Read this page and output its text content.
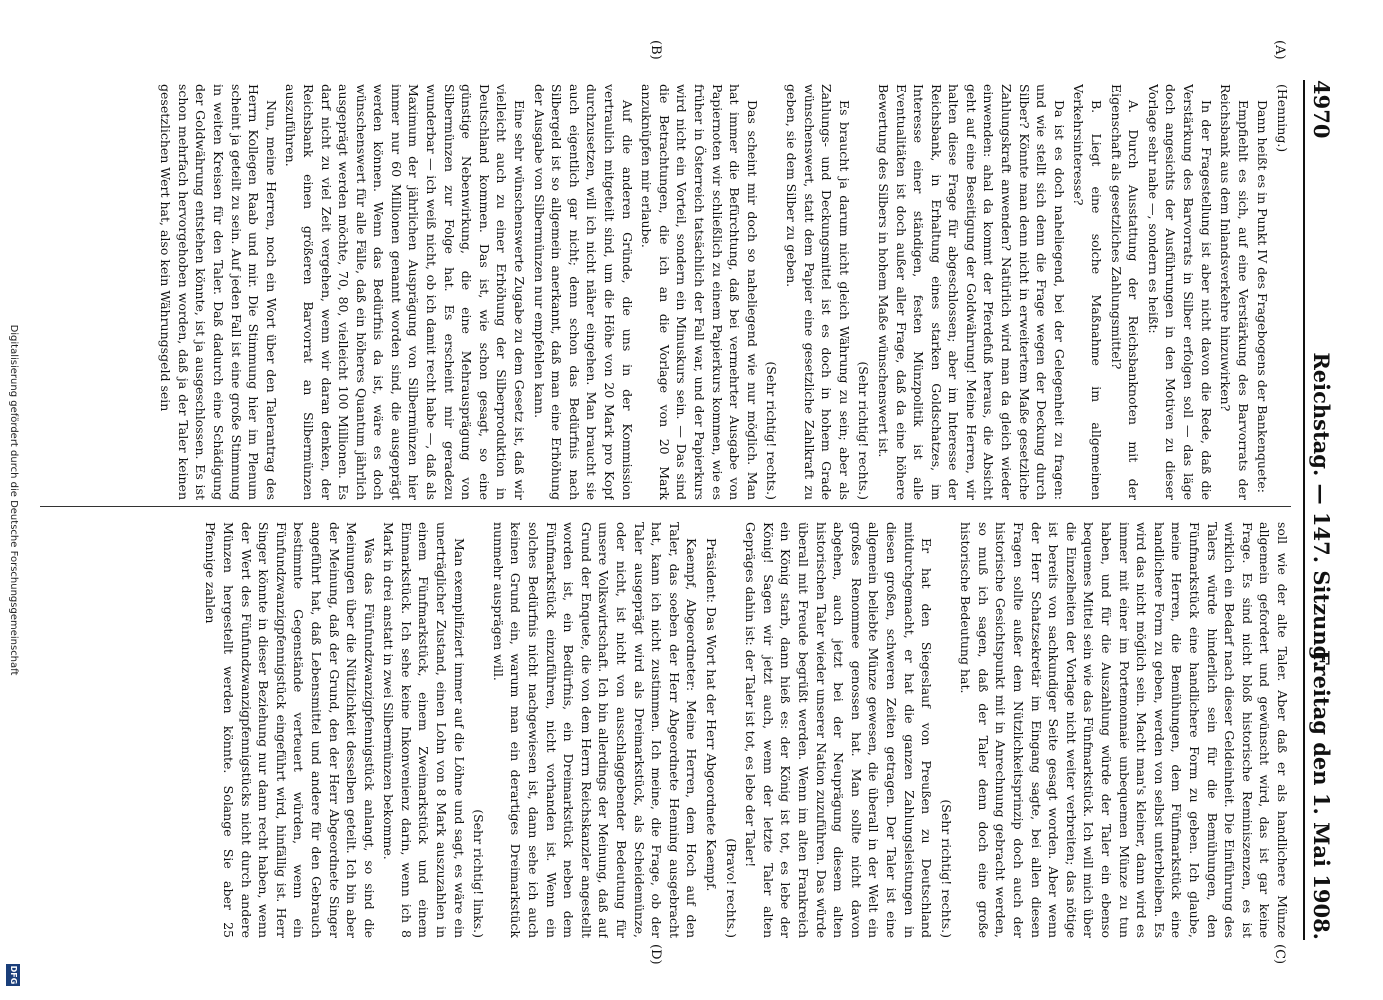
4970
Reichstag. — 147. Sitzung.
Freitag den 1. Mai 1908.
(A)
(B)
(C)
(D)

(Henning.)

Dann heißt es in Punkt IV des Fragebogens der Bankenquete:

Empfiehlt es sich, auf eine Verstärkung des Barvorrats der Reichsbank aus dem Inlandsverkehre hinzuwirken?

In der Fragestellung ist aber nicht davon die Rede, daß die Verstärkung des Barvorrats in Silber erfolgen soll — das läge doch angesichts der Ausführungen in den Motiven zu dieser Vorlage sehr nahe —, sondern es heißt:

A. Durch Ausstattung der Reichsbanknoten mit der Eigenschaft als gesetzliches Zahlungsmittel?

B. Liegt eine solche Maßnahme im allgemeinen Verkehrsinteresse?

Da ist es doch naheliegend, bei der Gelegenheit zu fragen: und wie stellt sich denn die Frage wegen der Deckung durch Silber? Könnte man denn nicht in erweitertem Maße gesetzliche Zahlungskraft anwenden? Natürlich wird man da gleich wieder einwenden: ahal da kommt der Pferdefuß heraus, die Absicht geht auf eine Beseitigung der Goldwährung! Meine Herren, wir halten diese Frage für abgeschlossen; aber im Interesse der Reichsbank, in Erhaltung eines starken Goldschatzes, im Interesse einer ständigen, festen Münzpolitik ist alle Eventualitäten ist doch außer aller Frage, daß da eine höhere Bewertung des Silbers in hohem Maße wünschenswert ist.

(Sehr richtig! rechts.)

Es braucht ja darum nicht gleich Währung zu sein; aber als Zahlungs- und Deckungsmittel ist es doch in hohem Grade wünschenswert, statt dem Papier eine gesetzliche Zahlkraft zu geben, sie dem Silber zu geben.

(Sehr richtig! rechts.)

Das scheint mir doch so naheliegend wie nur möglich. Man hat immer die Befürchtung, daß bei vermehrter Ausgabe von Papiernoten wir schließlich zu einem Papierkurs kommen, wie es früher in Österreich tatsächlich der Fall war, und der Papierkurs wird nicht ein Vorteil, sondern ein Minuskurs sein. — Das sind die Betrachtungen, die ich an die Vorlage von 20 Mark anzuknüpfen mir erlaube.

Auf die anderen Gründe, die uns in der Kommission vertraulich mitgeteilt sind, um die Höhe von 20 Mark pro Kopf durchzusetzen, will ich nicht näher eingehen. Man braucht sie auch eigentlich gar nicht; denn schon das Bedürfnis nach Silbergeld ist so allgemein anerkannt, daß man eine Erhöhung der Ausgabe von Silbermünzen nur empfehlen kann.

Eine sehr wünschenswerte Zugabe zu dem Gesetz ist, daß wir vielleicht auch zu einer Erhöhung der Silberproduktion in Deutschland kommen. Das ist, wie schon gesagt, so eine günstige Nebenwirkung, die eine Mehrausprägung von Silbermünzen zur Folge hat. Es erscheint mir geradezu wunderbar — ich weiß nicht, ob ich damit recht habe —, daß als Maximum der jährlichen Ausprägung von Silbermünzen hier immer nur 60 Millionen genannt worden sind, die ausgeprägt werden können. Wenn das Bedürfnis da ist, wäre es doch wünschenswert für alle Fälle, daß ein höheres Quantum jährlich ausgeprägt werden möchte, 70, 80, vielleicht 100 Millionen. Es darf nicht zu viel Zeit vergehen, wenn wir daran denken, der Reichsbank einen größeren Barvorrat an Silbermünzen auszuführen.

Nun, meine Herren, noch ein Wort über den Talerantrag des Herrn Kollegen Raab und mir. Die Stimmung hier im Plenum scheint ja geteilt zu sein. Auf jeden Fall ist eine große Stimmung in weiten Kreisen für den Taler. Daß dadurch eine Schädigung der Goldwährung entstehen könnte, ist ja ausgeschlossen. Es ist schon mehrfach hervorgehoben worden, daß ja der Taler keinen gesetzlichen Wert hat, also kein Währungsgeld sein

soll wie der alte Taler. Aber daß er als handlichere Münze allgemein gefordert und gewünscht wird, das ist gar keine Frage. Es sind nicht bloß historische Reminiszenzen, es ist wirklich ein Bedarf nach dieser Geldeinheit. Die Einführung des Talers würde hinderlich sein für die Bemühungen, den Fünfmarkstück eine handlichere Form zu geben. Ich glaube, meine Herren, die Bemühungen, dem Fünfmarkstück eine handlichere Form zu geben, werden von selbst unterbleiben. Es wird das nicht möglich sein. Macht man's kleiner, dann wird es immer mit einer im Portemonnaie unbequemen Münze zu tun haben, und für die Auszahlung würde der Taler ein ebenso bequemes Mittel sein wie das Fünfmarkstück. Ich will mich über die Einzelheiten der Vorlage nicht weiter verbreiten; das nötige ist bereits von sachkundiger Seite gesagt worden. Aber wenn der Herr Schatzsekretär im Eingang sagte, bei allen diesen Fragen sollte außer dem Nützlichkeitsprinzip doch auch der historische Gesichtspunkt mit in Anrechnung gebracht werden, so muß ich sagen, daß der Taler denn doch eine große historische Bedeutung hat.

(Sehr richtig! rechts.)

Er hat den Siegeslauf von Preußen zu Deutschland mitdurchgemacht, er hat die ganzen Zahlungsleistungen in diesen großen, schweren Zeiten getragen. Der Taler ist eine allgemein beliebte Münze gewesen, die überall in der Welt ein großes Renommee genossen hat. Man sollte nicht davon abgehen, auch jetzt bei der Neuprägung diesem alten historischen Taler wieder unserer Nation zuzuführen. Das würde überall mit Freude begrüßt werden. Wenn im alten Frankreich ein König starb, dann hieß es: der König ist tot, es lebe der König! Sagen wir jetzt auch, wenn der letzte Taler alten Gepräges dahin ist: der Taler ist tot, es lebe der Taler!

(Bravo! rechts.)

Präsident: Das Wort hat der Herr Abgeordnete Kaempf.

Kaempf, Abgeordneter: Meine Herren, dem Hoch auf den Taler, das soeben der Herr Abgeordnete Henning ausgebracht hat, kann ich nicht zustimmen. Ich meine, die Frage, ob der Taler ausgeprägt wird als Dreimarkstück, als Scheidemünze, oder nicht, ist nicht von ausschlaggebender Bedeutung für unsere Volkswirtschaft. Ich bin allerdings der Meinung, daß auf Grund der Enquete, die von dem Herrn Reichskanzler angestellt worden ist, ein Bedürfnis, ein Dreimarkstück neben dem Fünfmarkstück einzuführen, nicht vorhanden ist. Wenn ein solches Bedürfnis nicht nachgewiesen ist, dann sehe ich auch keinen Grund ein, warum man ein derartiges Dreimarkstück nunmehr ausprägen will.

(Sehr richtig! links.)

Man exemplifiziert immer auf die Löhne und sagt, es wäre ein unerträglicher Zustand, einen Lohn von 8 Mark auszuzahlen in einem Fünfmarkstück, einem Zweimarkstück und einem Einmarkstück. Ich sehe keine Inkonvenienz darin, wenn ich 8 Mark in drei anstatt in zwei Silbermünzen bekomme.

Was das Fünfundzwanzigpfennigstück anlangt, so sind die Meinungen über die Nützlichkeit desselben geteilt. Ich bin aber der Meinung, daß der Grund, den der Herr Abgeordnete Singer angeführt hat, daß Lebensmittel und andere für den Gebrauch bestimmte Gegenstände verteuert würden, wenn ein Fünfundzwanzigpfennigstück eingeführt wird, hinfällig ist. Herr Singer könnte in dieser Beziehung nur dann recht haben, wenn der Wert des Fünfundzwanzigpfennigstücks nicht durch andere Münzen hergestellt werden könnte. Solange Sie aber 25 Pfennige zahlen

Digitalisierung gefördert durch die Deutsche Forschungsgemeinschaft
DFG
